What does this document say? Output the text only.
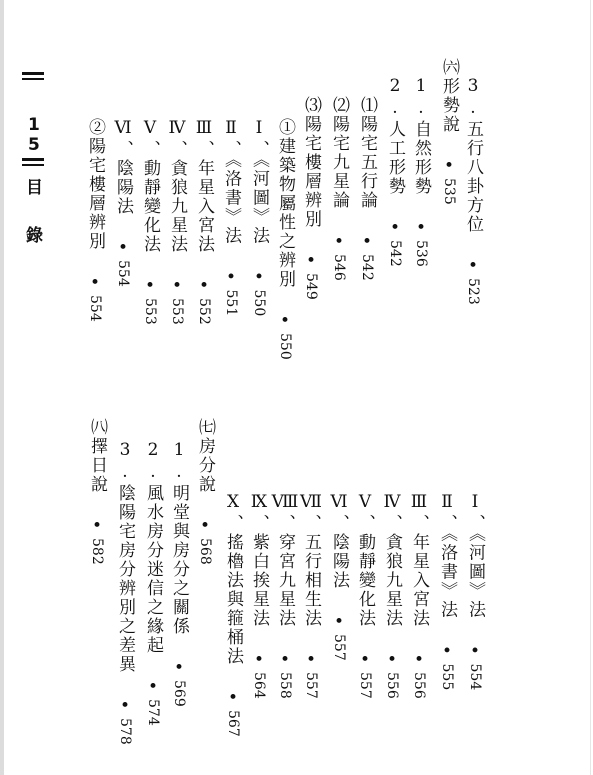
1
5
目
錄	3.五行八卦方位 •523
㈥形勢說 •535
1.自然形勢 •536
2.人工形勢 •542
⑴陽宅五行論 •542
⑵陽宅九星論 •546
⑶陽宅樓層辨別 •549
①建築物屬性之辨別 •550
Ⅰ、《河圖》法 •550
Ⅱ、《洛書》法 •551
Ⅲ、年星入宮法 •552
Ⅳ、貪狼九星法 •553
Ⅴ、動靜變化法 •553
Ⅵ、陰陽法 •554
②陽宅樓層辨別 •554
Ⅰ、《河圖》法 •554
Ⅱ、《洛書》法 •555
Ⅲ、年星入宮法 •556
Ⅳ、貪狼九星法 •556
Ⅴ、動靜變化法 •557
Ⅵ、陰陽法 •557
Ⅶ、五行相生法 •557
Ⅷ、穿宮九星法 •558
Ⅸ、紫白挨星法 •564
Ⅹ、搖櫓法與箍桶法 •567
㈦房分說 •568
1.明堂與房分之關係 •569
2.風水房分迷信之緣起 •574
3.陰陽宅房分辨別之差異 •578
㈧擇日說 •582
